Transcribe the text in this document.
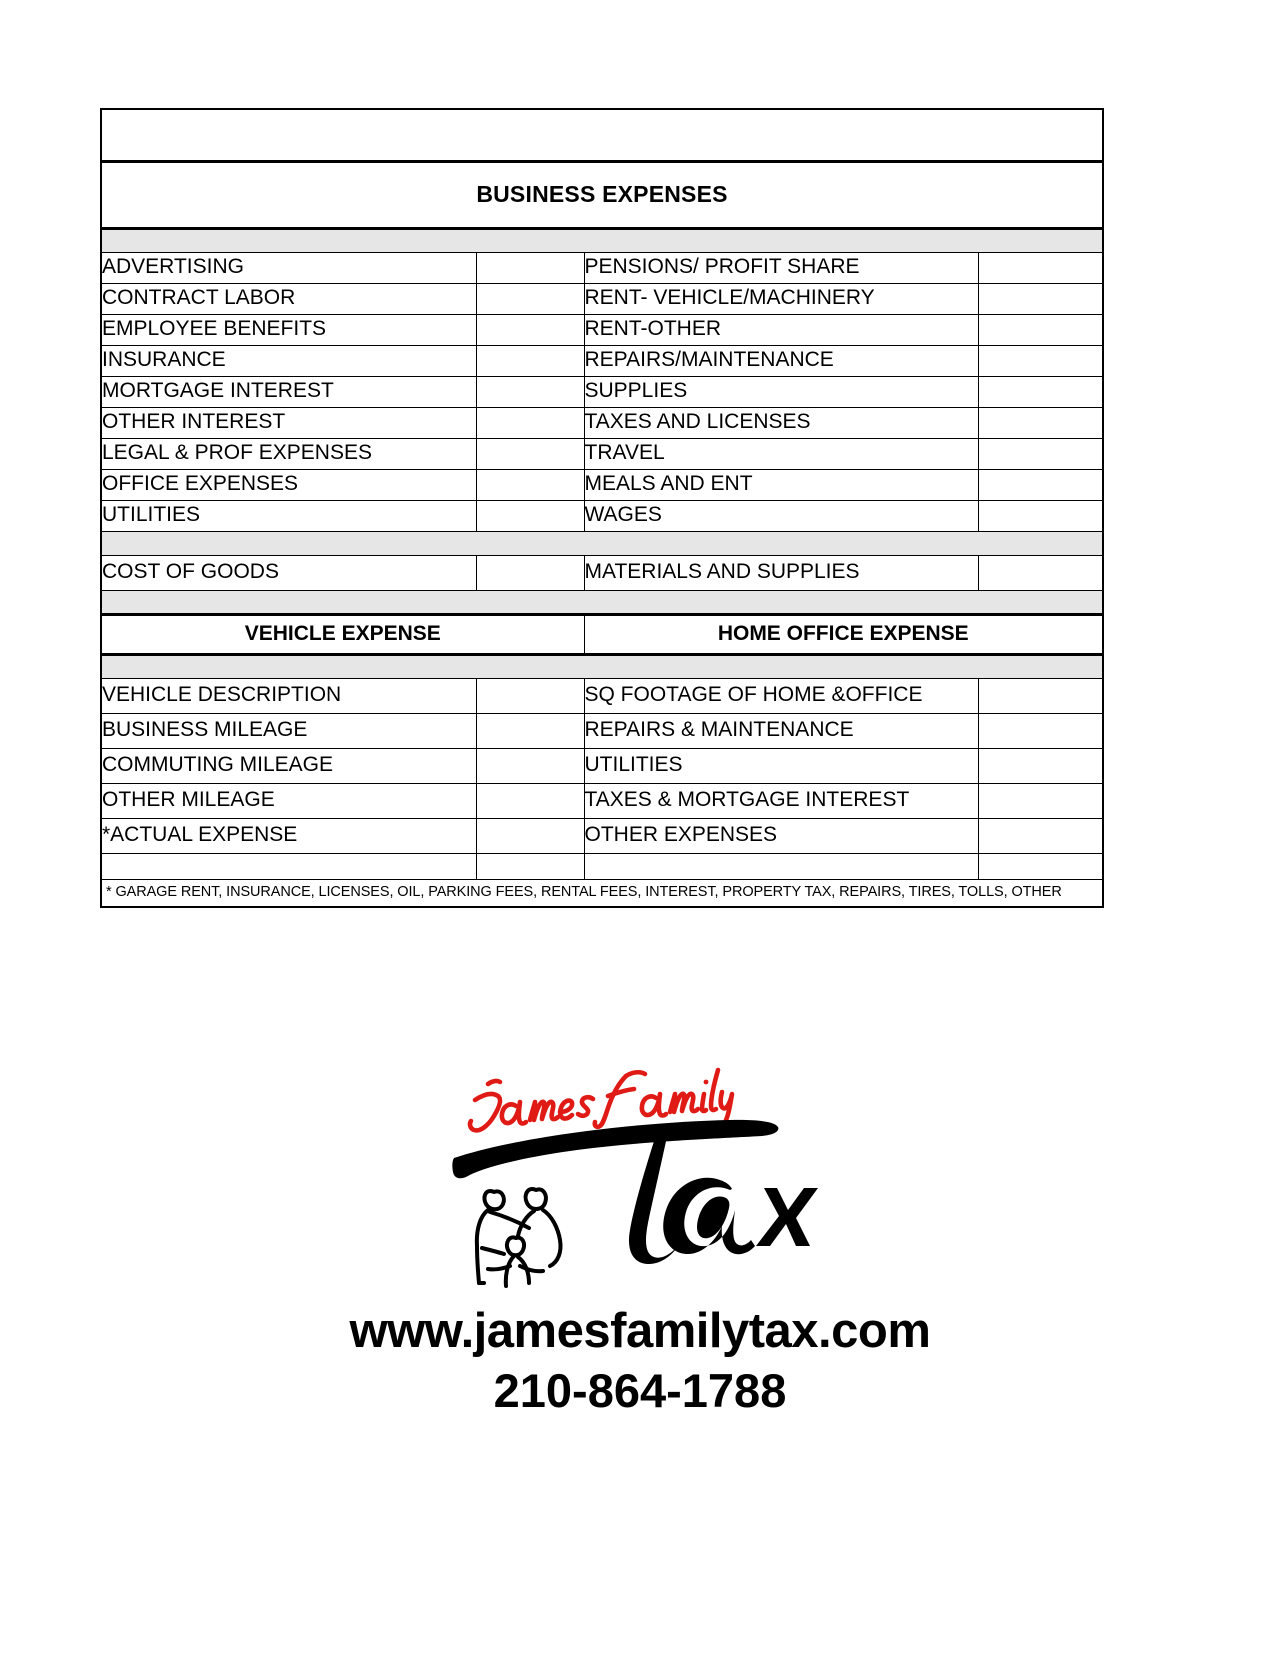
BUSINESS EXPENSES			

ADVERTISING		PENSIONS/ PROFIT SHARE	
CONTRACT LABOR		RENT- VEHICLE/MACHINERY	
EMPLOYEE BENEFITS		RENT-OTHER	
INSURANCE		REPAIRS/MAINTENANCE	
MORTGAGE INTEREST		SUPPLIES	
OTHER INTEREST		TAXES AND LICENSES	
LEGAL & PROF EXPENSES		TRAVEL	
OFFICE EXPENSES		MEALS AND ENT	
UTILITIES		WAGES	

COST OF GOODS		MATERIALS AND SUPPLIES	

VEHICLE EXPENSE		HOME OFFICE EXPENSE	

VEHICLE DESCRIPTION		SQ FOOTAGE OF HOME &OFFICE	
BUSINESS MILEAGE		REPAIRS & MAINTENANCE	
COMMUTING MILEAGE		UTILITIES	
OTHER MILEAGE		TAXES & MORTGAGE INTEREST	
*ACTUAL EXPENSE		OTHER EXPENSES	

* GARAGE RENT, INSURANCE, LICENSES, OIL, PARKING FEES, RENTAL FEES, INTEREST, PROPERTY TAX, REPAIRS, TIRES, TOLLS, OTHER			
www.jamesfamilytax.com
210-864-1788
